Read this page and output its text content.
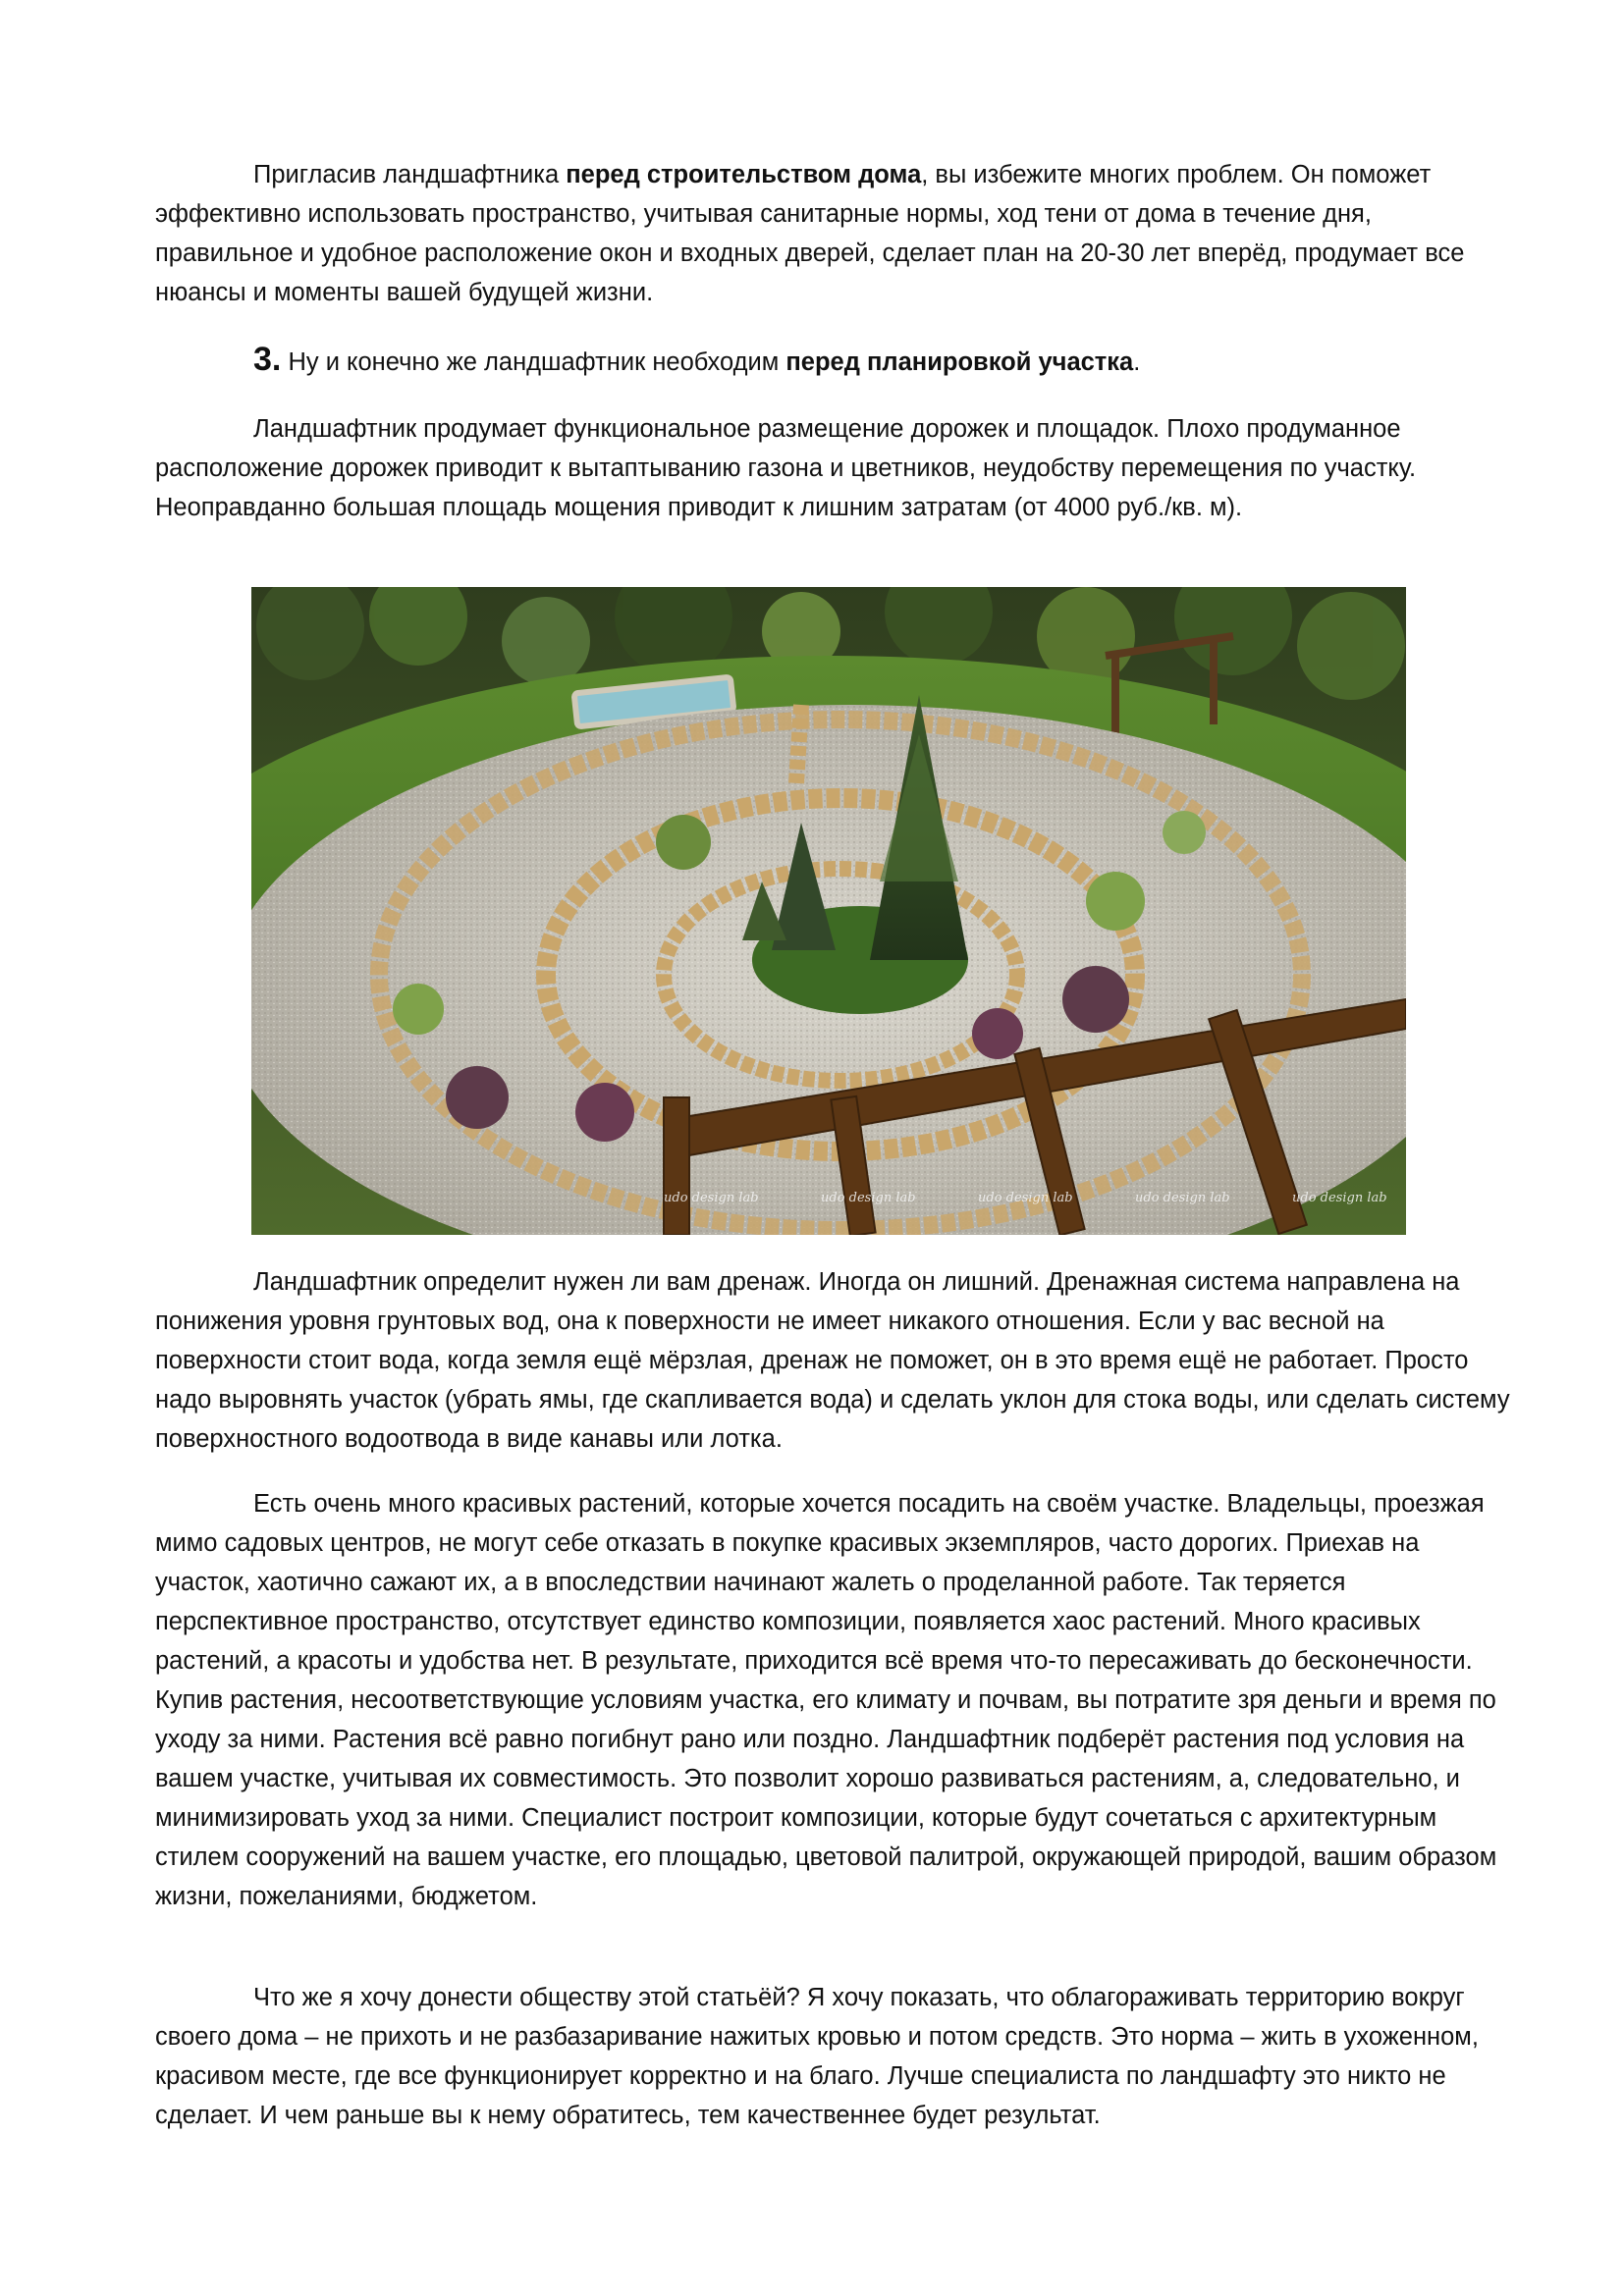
Пригласив ландшафтника перед строительством дома, вы избежите многих проблем. Он поможет эффективно использовать пространство, учитывая санитарные нормы, ход тени от дома в течение дня, правильное и удобное расположение окон и входных дверей, сделает план на 20-30 лет вперёд, продумает все нюансы и моменты вашей будущей жизни.

3. Ну и конечно же ландшафтник необходим перед планировкой участка.

Ландшафтник продумает функциональное размещение дорожек и площадок. Плохо продуманное расположение дорожек приводит к вытаптыванию газона и цветников, неудобству перемещения по участку. Неоправданно большая площадь мощения приводит к лишним затратам (от 4000 руб./кв. м).

udo design lab	udo design lab	udo design lab	udo design lab	udo design lab

Ландшафтник определит нужен ли вам дренаж. Иногда он лишний. Дренажная система направлена на понижения уровня грунтовых вод, она к поверхности не имеет никакого отношения. Если у вас весной на поверхности стоит вода, когда земля ещё мёрзлая, дренаж не поможет, он в это время ещё не работает. Просто надо выровнять участок (убрать ямы, где скапливается вода) и сделать уклон для стока воды, или сделать систему поверхностного водоотвода в виде канавы или лотка.

Есть очень много красивых растений, которые хочется посадить на своём участке. Владельцы, проезжая мимо садовых центров, не могут себе отказать в покупке красивых экземпляров, часто дорогих. Приехав на участок, хаотично сажают их, а в впоследствии начинают жалеть о проделанной работе. Так теряется перспективное пространство, отсутствует единство композиции, появляется хаос растений. Много красивых растений, а красоты и удобства нет. В результате, приходится всё время что-то пересаживать до бесконечности. Купив растения, несоответствующие условиям участка, его климату и почвам, вы потратите зря деньги и время по уходу за ними. Растения всё равно погибнут рано или поздно. Ландшафтник подберёт растения под условия на вашем участке, учитывая их совместимость. Это позволит хорошо развиваться растениям, а, следовательно, и минимизировать уход за ними. Специалист построит композиции, которые будут сочетаться с архитектурным стилем сооружений на вашем участке, его площадью, цветовой палитрой, окружающей природой, вашим образом жизни, пожеланиями, бюджетом.

Что же я хочу донести обществу этой статьёй? Я хочу показать, что облагораживать территорию вокруг своего дома – не прихоть и не разбазаривание нажитых кровью и потом средств. Это норма – жить в ухоженном, красивом месте, где все функционирует корректно и на благо. Лучше специалиста по ландшафту это никто не сделает. И чем раньше вы к нему обратитесь, тем качественнее будет результат.
